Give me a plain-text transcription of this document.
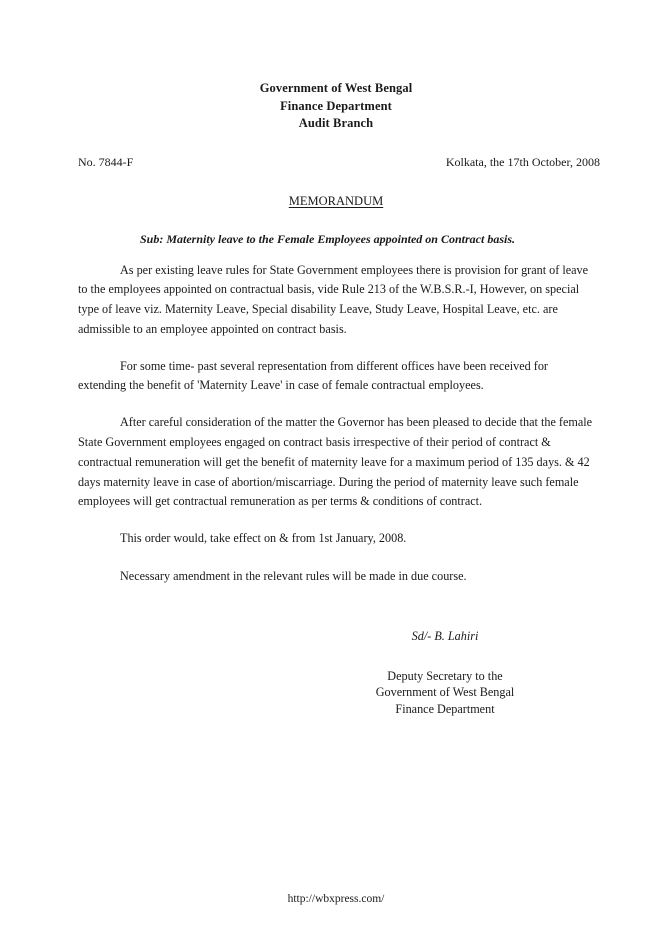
Government of West Bengal
Finance Department
Audit Branch
No. 7844-F	Kolkata, the 17th October, 2008
MEMORANDUM
Sub: Maternity leave to the Female Employees appointed on Contract basis.

As per existing leave rules for State Government employees there is provision for grant of leave to the employees appointed on contractual basis, vide Rule 213 of the W.B.S.R.-I, However, on special type of leave viz. Maternity Leave, Special disability Leave, Study Leave, Hospital Leave, etc. are admissible to an employee appointed on contract basis.

For some time- past several representation from different offices have been received for extending the benefit of 'Maternity Leave' in case of female contractual employees.

After careful consideration of the matter the Governor has been pleased to decide that the female State Government employees engaged on contract basis irrespective of their period of contract & contractual remuneration will get the benefit of maternity leave for a maximum period of 135 days. & 42 days maternity leave in case of abortion/miscarriage. During the period of maternity leave such female employees will get contractual remuneration as per terms & conditions of contract.

This order would, take effect on & from 1st January, 2008.

Necessary amendment in the relevant rules will be made in due course.

Sd/- B. Lahiri
Deputy Secretary to the
Government of West Bengal
Finance Department
http://wbxpress.com/
